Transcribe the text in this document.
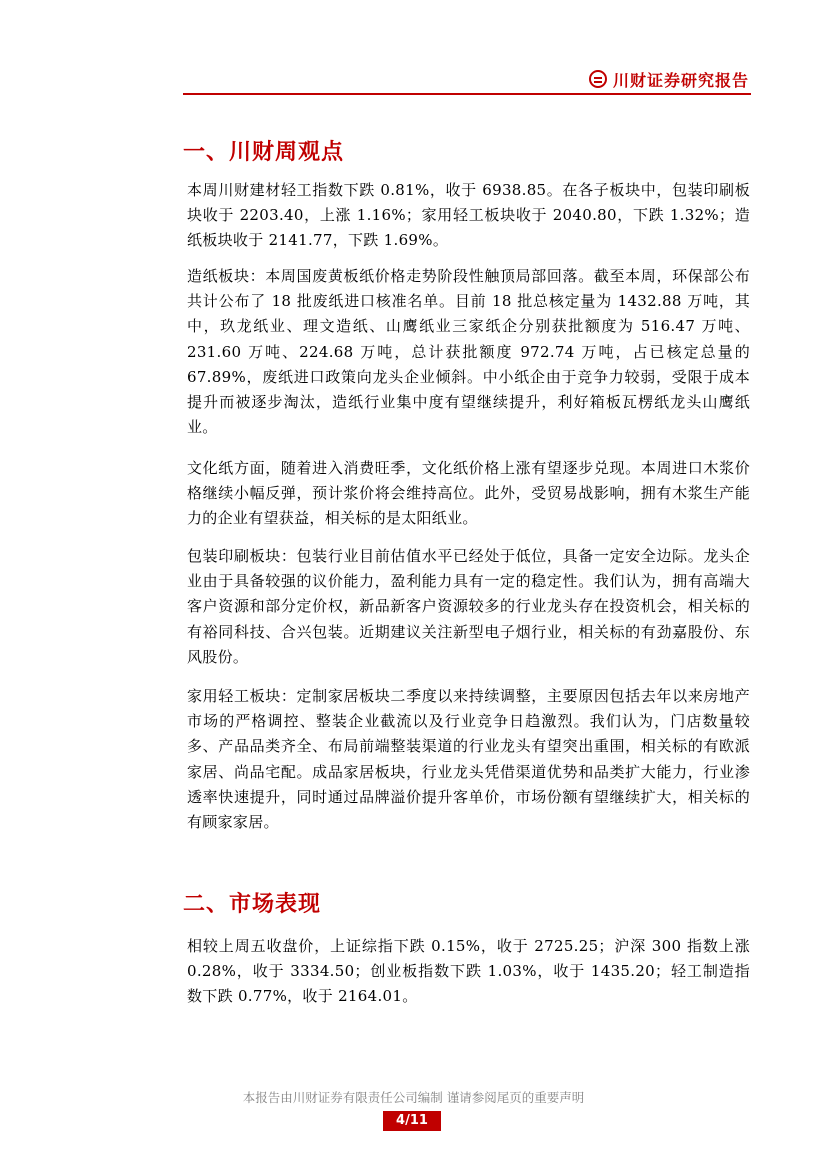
川财证券研究报告
一、川财周观点

本周川财建材轻工指数下跌 0.81%，收于 6938.85。在各子板块中，包装印刷板块收于 2203.40，上涨 1.16%；家用轻工板块收于 2040.80，下跌 1.32%；造纸板块收于 2141.77，下跌 1.69%。

造纸板块：本周国废黄板纸价格走势阶段性触顶局部回落。截至本周，环保部公布共计公布了 18 批废纸进口核准名单。目前 18 批总核定量为 1432.88 万吨，其中，玖龙纸业、理文造纸、山鹰纸业三家纸企分别获批额度为 516.47 万吨、231.60 万吨、224.68 万吨，总计获批额度 972.74 万吨，占已核定总量的 67.89%，废纸进口政策向龙头企业倾斜。中小纸企由于竞争力较弱，受限于成本提升而被逐步淘汰，造纸行业集中度有望继续提升，利好箱板瓦楞纸龙头山鹰纸业。

文化纸方面，随着进入消费旺季，文化纸价格上涨有望逐步兑现。本周进口木浆价格继续小幅反弹，预计浆价将会维持高位。此外，受贸易战影响，拥有木浆生产能力的企业有望获益，相关标的是太阳纸业。

包装印刷板块：包装行业目前估值水平已经处于低位，具备一定安全边际。龙头企业由于具备较强的议价能力，盈利能力具有一定的稳定性。我们认为，拥有高端大客户资源和部分定价权，新品新客户资源较多的行业龙头存在投资机会，相关标的有裕同科技、合兴包装。近期建议关注新型电子烟行业，相关标的有劲嘉股份、东风股份。

家用轻工板块：定制家居板块二季度以来持续调整，主要原因包括去年以来房地产市场的严格调控、整装企业截流以及行业竞争日趋激烈。我们认为，门店数量较多、产品品类齐全、布局前端整装渠道的行业龙头有望突出重围，相关标的有欧派家居、尚品宅配。成品家居板块，行业龙头凭借渠道优势和品类扩大能力，行业渗透率快速提升，同时通过品牌溢价提升客单价，市场份额有望继续扩大，相关标的有顾家家居。

二、市场表现

相较上周五收盘价，上证综指下跌 0.15%，收于 2725.25；沪深 300 指数上涨 0.28%，收于 3334.50；创业板指数下跌 1.03%，收于 1435.20；轻工制造指数下跌 0.77%，收于 2164.01。

本报告由川财证券有限责任公司编制 谨请参阅尾页的重要声明

4/11
